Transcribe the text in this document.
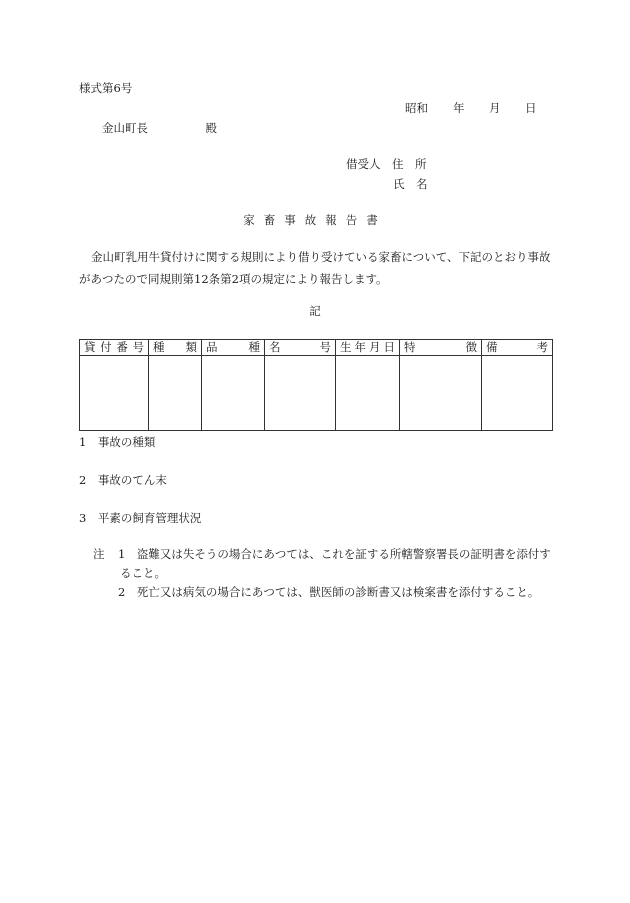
様式第6号
昭和 年 月 日
金山町長　　　　　殿
借受人　住　所
氏　名
家畜事故報告書
金山町乳用牛貸付けに関する規則により借り受けている家畜について、下記のとおり事故があつたので同規則第12条第2項の規定により報告します。
記
貸付番号	種類	品種	名号	生年月日	特徴	備考

1　事故の種類
2　事故のてん末
3　平素の飼育管理状況
注 1　盗難又は失そうの場合にあつては、これを証する所轄警察署長の証明書を添付す
ること。
2　死亡又は病気の場合にあつては、獣医師の診断書又は検案書を添付すること。
